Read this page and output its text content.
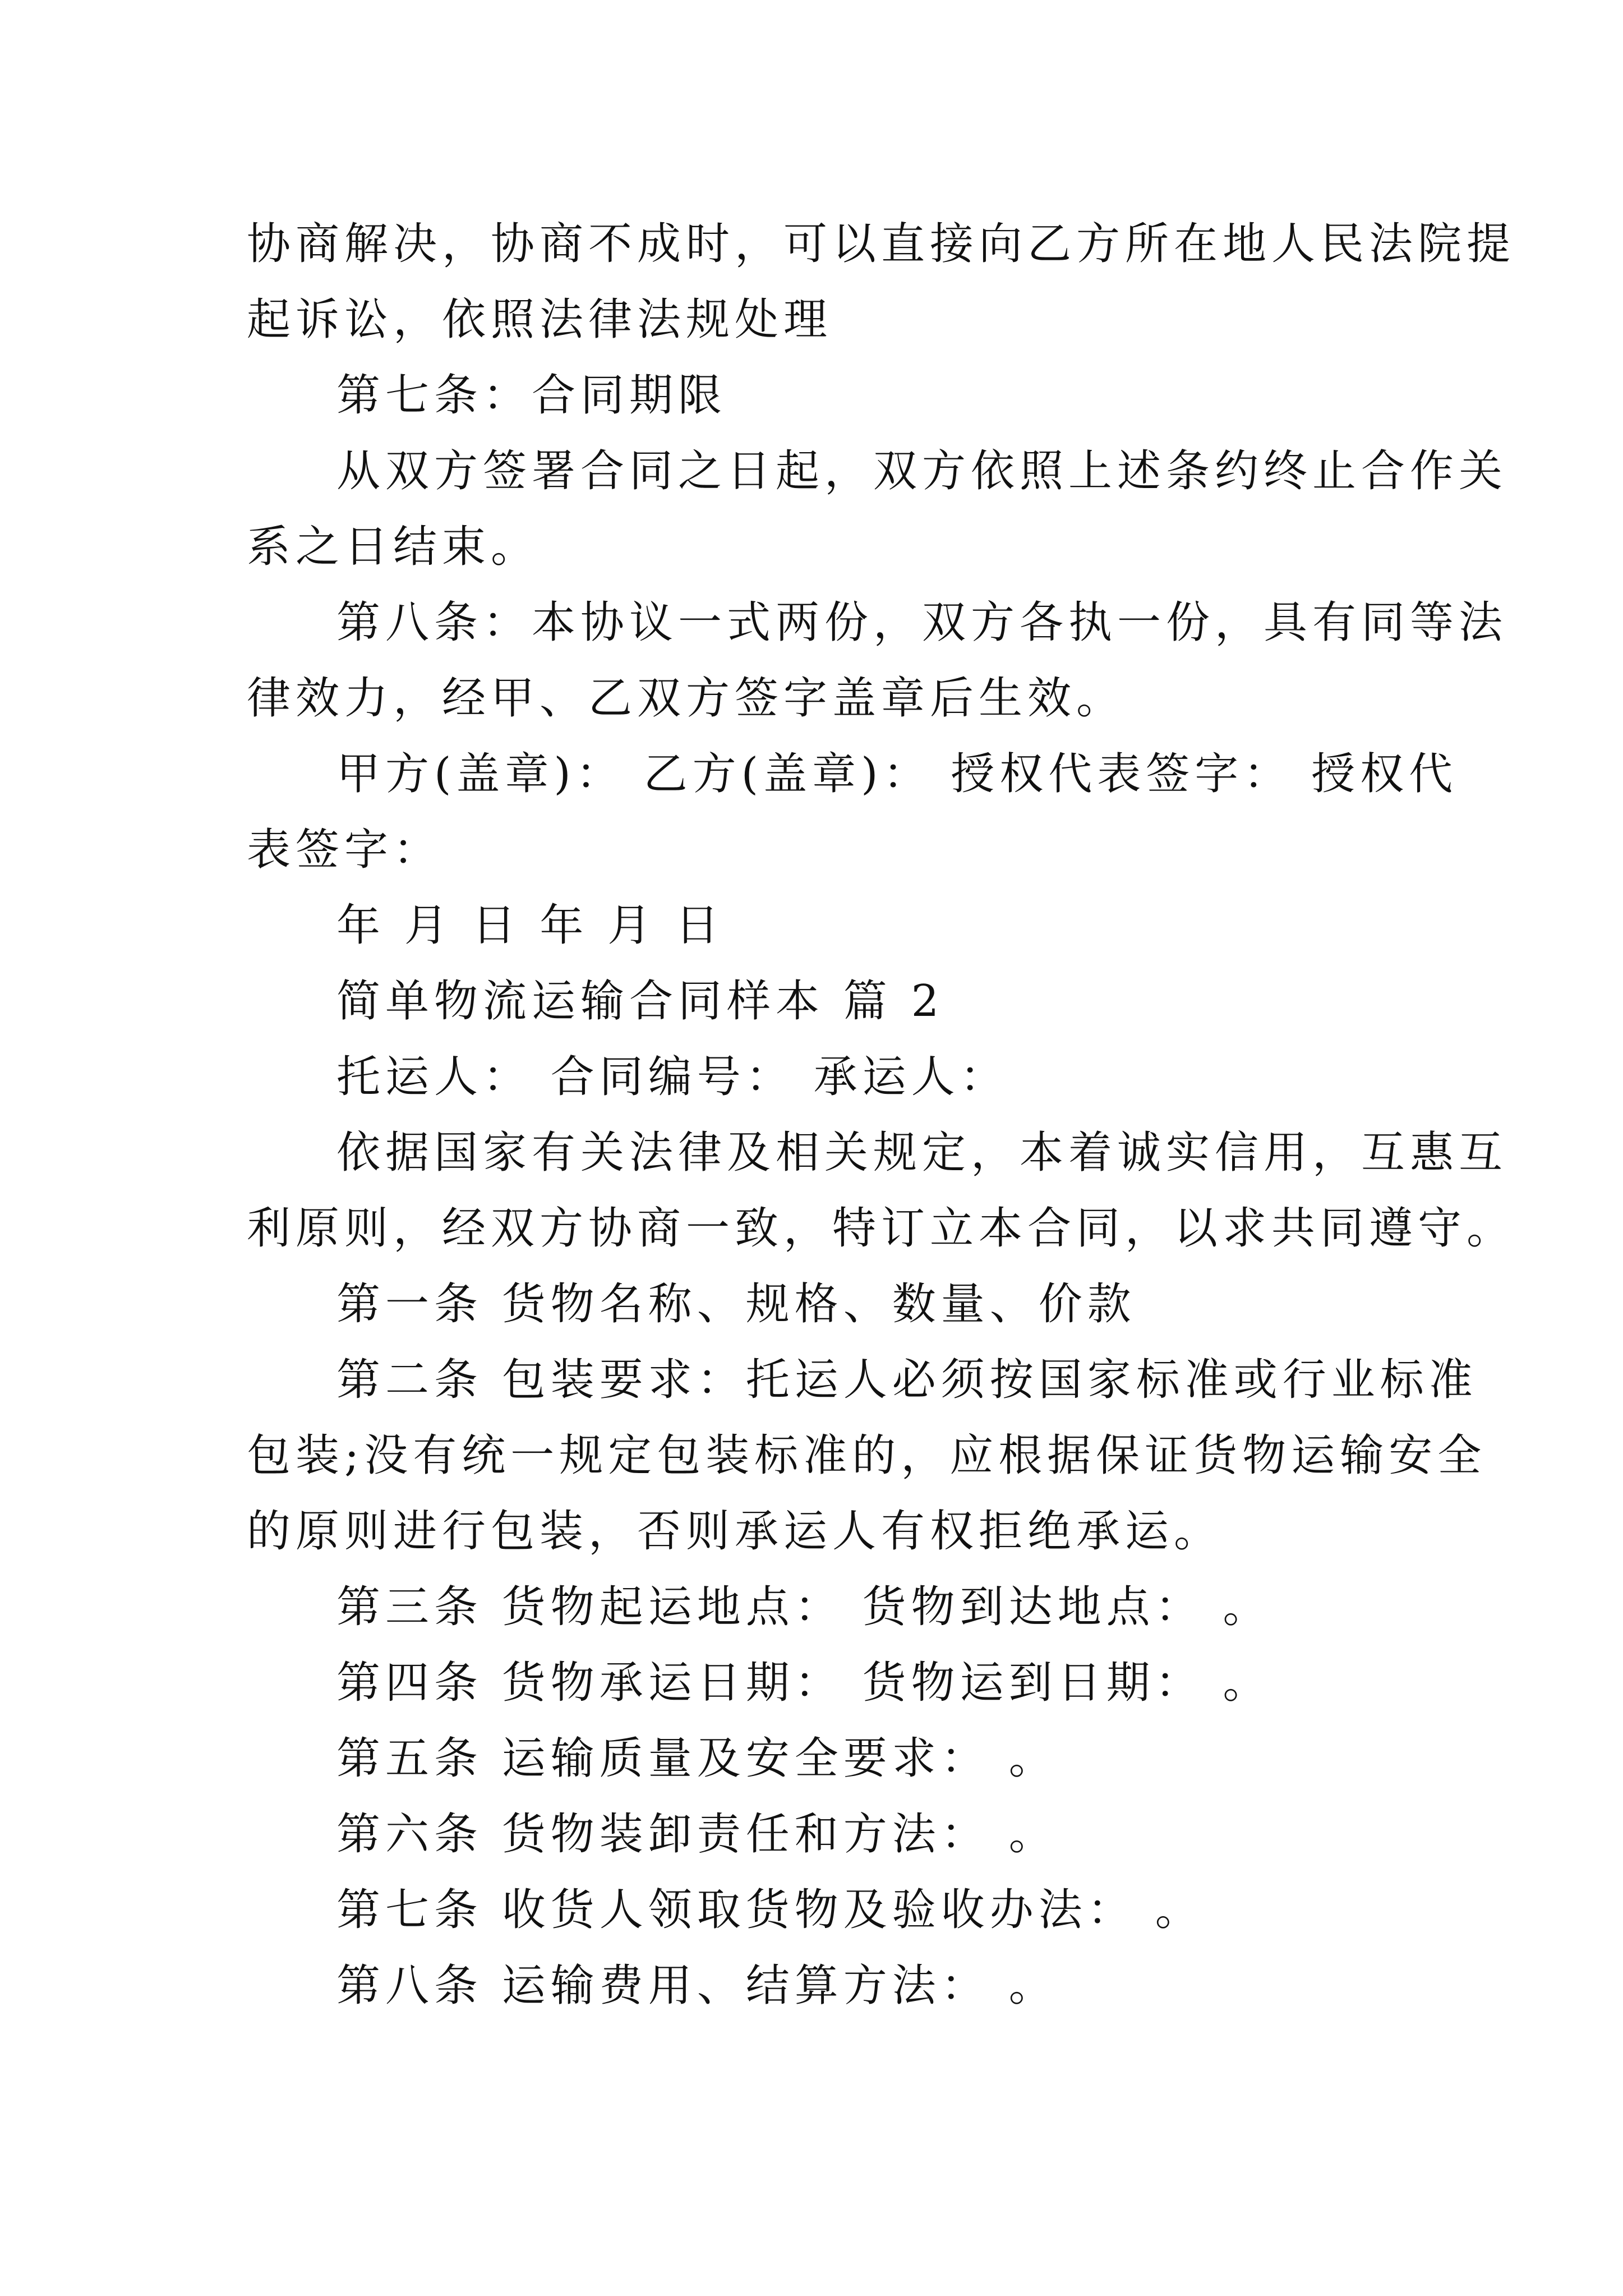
协商解决，协商不成时，可以直接向乙方所在地人民法院提

起诉讼，依照法律法规处理

第七条：合同期限

从双方签署合同之日起，双方依照上述条约终止合作关

系之日结束。

第八条：本协议一式两份，双方各执一份，具有同等法

律效力，经甲、乙双方签字盖章后生效。

甲方(盖章)： 乙方(盖章)： 授权代表签字： 授权代

表签字：

年 月 日 年 月 日

简单物流运输合同样本 篇 2

托运人： 合同编号： 承运人：

依据国家有关法律及相关规定，本着诚实信用，互惠互

利原则，经双方协商一致，特订立本合同，以求共同遵守。

第一条 货物名称、规格、数量、价款

第二条 包装要求：托运人必须按国家标准或行业标准

包装;没有统一规定包装标准的，应根据保证货物运输安全

的原则进行包装，否则承运人有权拒绝承运。

第三条 货物起运地点： 货物到达地点： 。

第四条 货物承运日期： 货物运到日期： 。

第五条 运输质量及安全要求： 。

第六条 货物装卸责任和方法： 。

第七条 收货人领取货物及验收办法： 。

第八条 运输费用、结算方法： 。
